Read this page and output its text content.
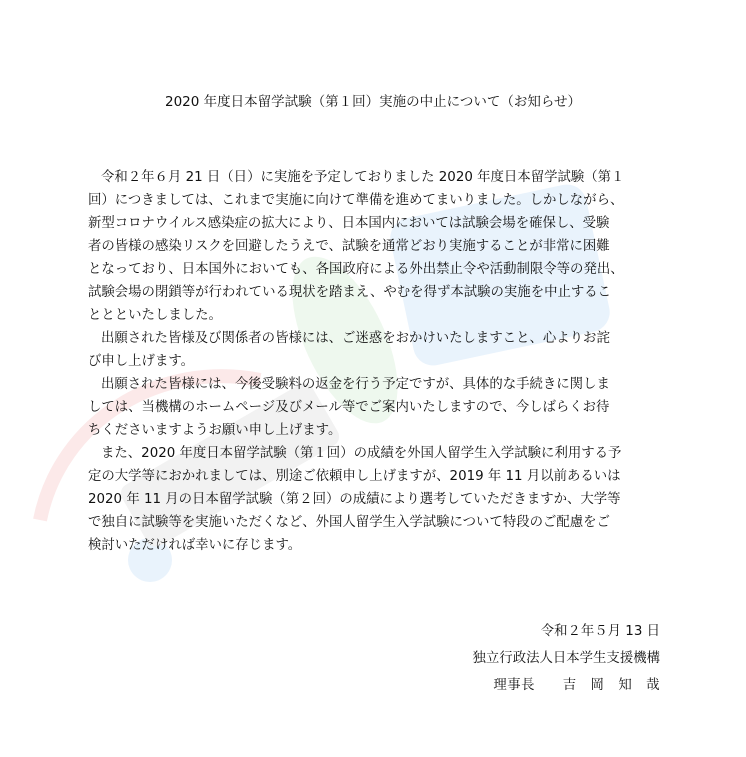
2020 年度日本留学試験（第１回）実施の中止について（お知らせ）
令和２年６月 21 日（日）に実施を予定しておりました 2020 年度日本留学試験（第１
回）につきましては、これまで実施に向けて準備を進めてまいりました。しかしながら、
新型コロナウイルス感染症の拡大により、日本国内においては試験会場を確保し、受験
者の皆様の感染リスクを回避したうえで、試験を通常どおり実施することが非常に困難
となっており、日本国外においても、各国政府による外出禁止令や活動制限令等の発出、
試験会場の閉鎖等が行われている現状を踏まえ、やむを得ず本試験の実施を中止するこ
ととといたしました。
出願された皆様及び関係者の皆様には、ご迷惑をおかけいたしますこと、心よりお詫
び申し上げます。
出願された皆様には、今後受験料の返金を行う予定ですが、具体的な手続きに関しま
しては、当機構のホームページ及びメール等でご案内いたしますので、今しばらくお待
ちくださいますようお願い申し上げます。
また、2020 年度日本留学試験（第１回）の成績を外国人留学生入学試験に利用する予
定の大学等におかれましては、別途ご依頼申し上げますが、2019 年 11 月以前あるいは
2020 年 11 月の日本留学試験（第２回）の成績により選考していただきますか、大学等
で独自に試験等を実施いただくなど、外国人留学生入学試験について特段のご配慮をご
検討いただければ幸いに存じます。
令和２年５月 13 日
独立行政法人日本学生支援機構
理事長　　吉　岡　知　哉
